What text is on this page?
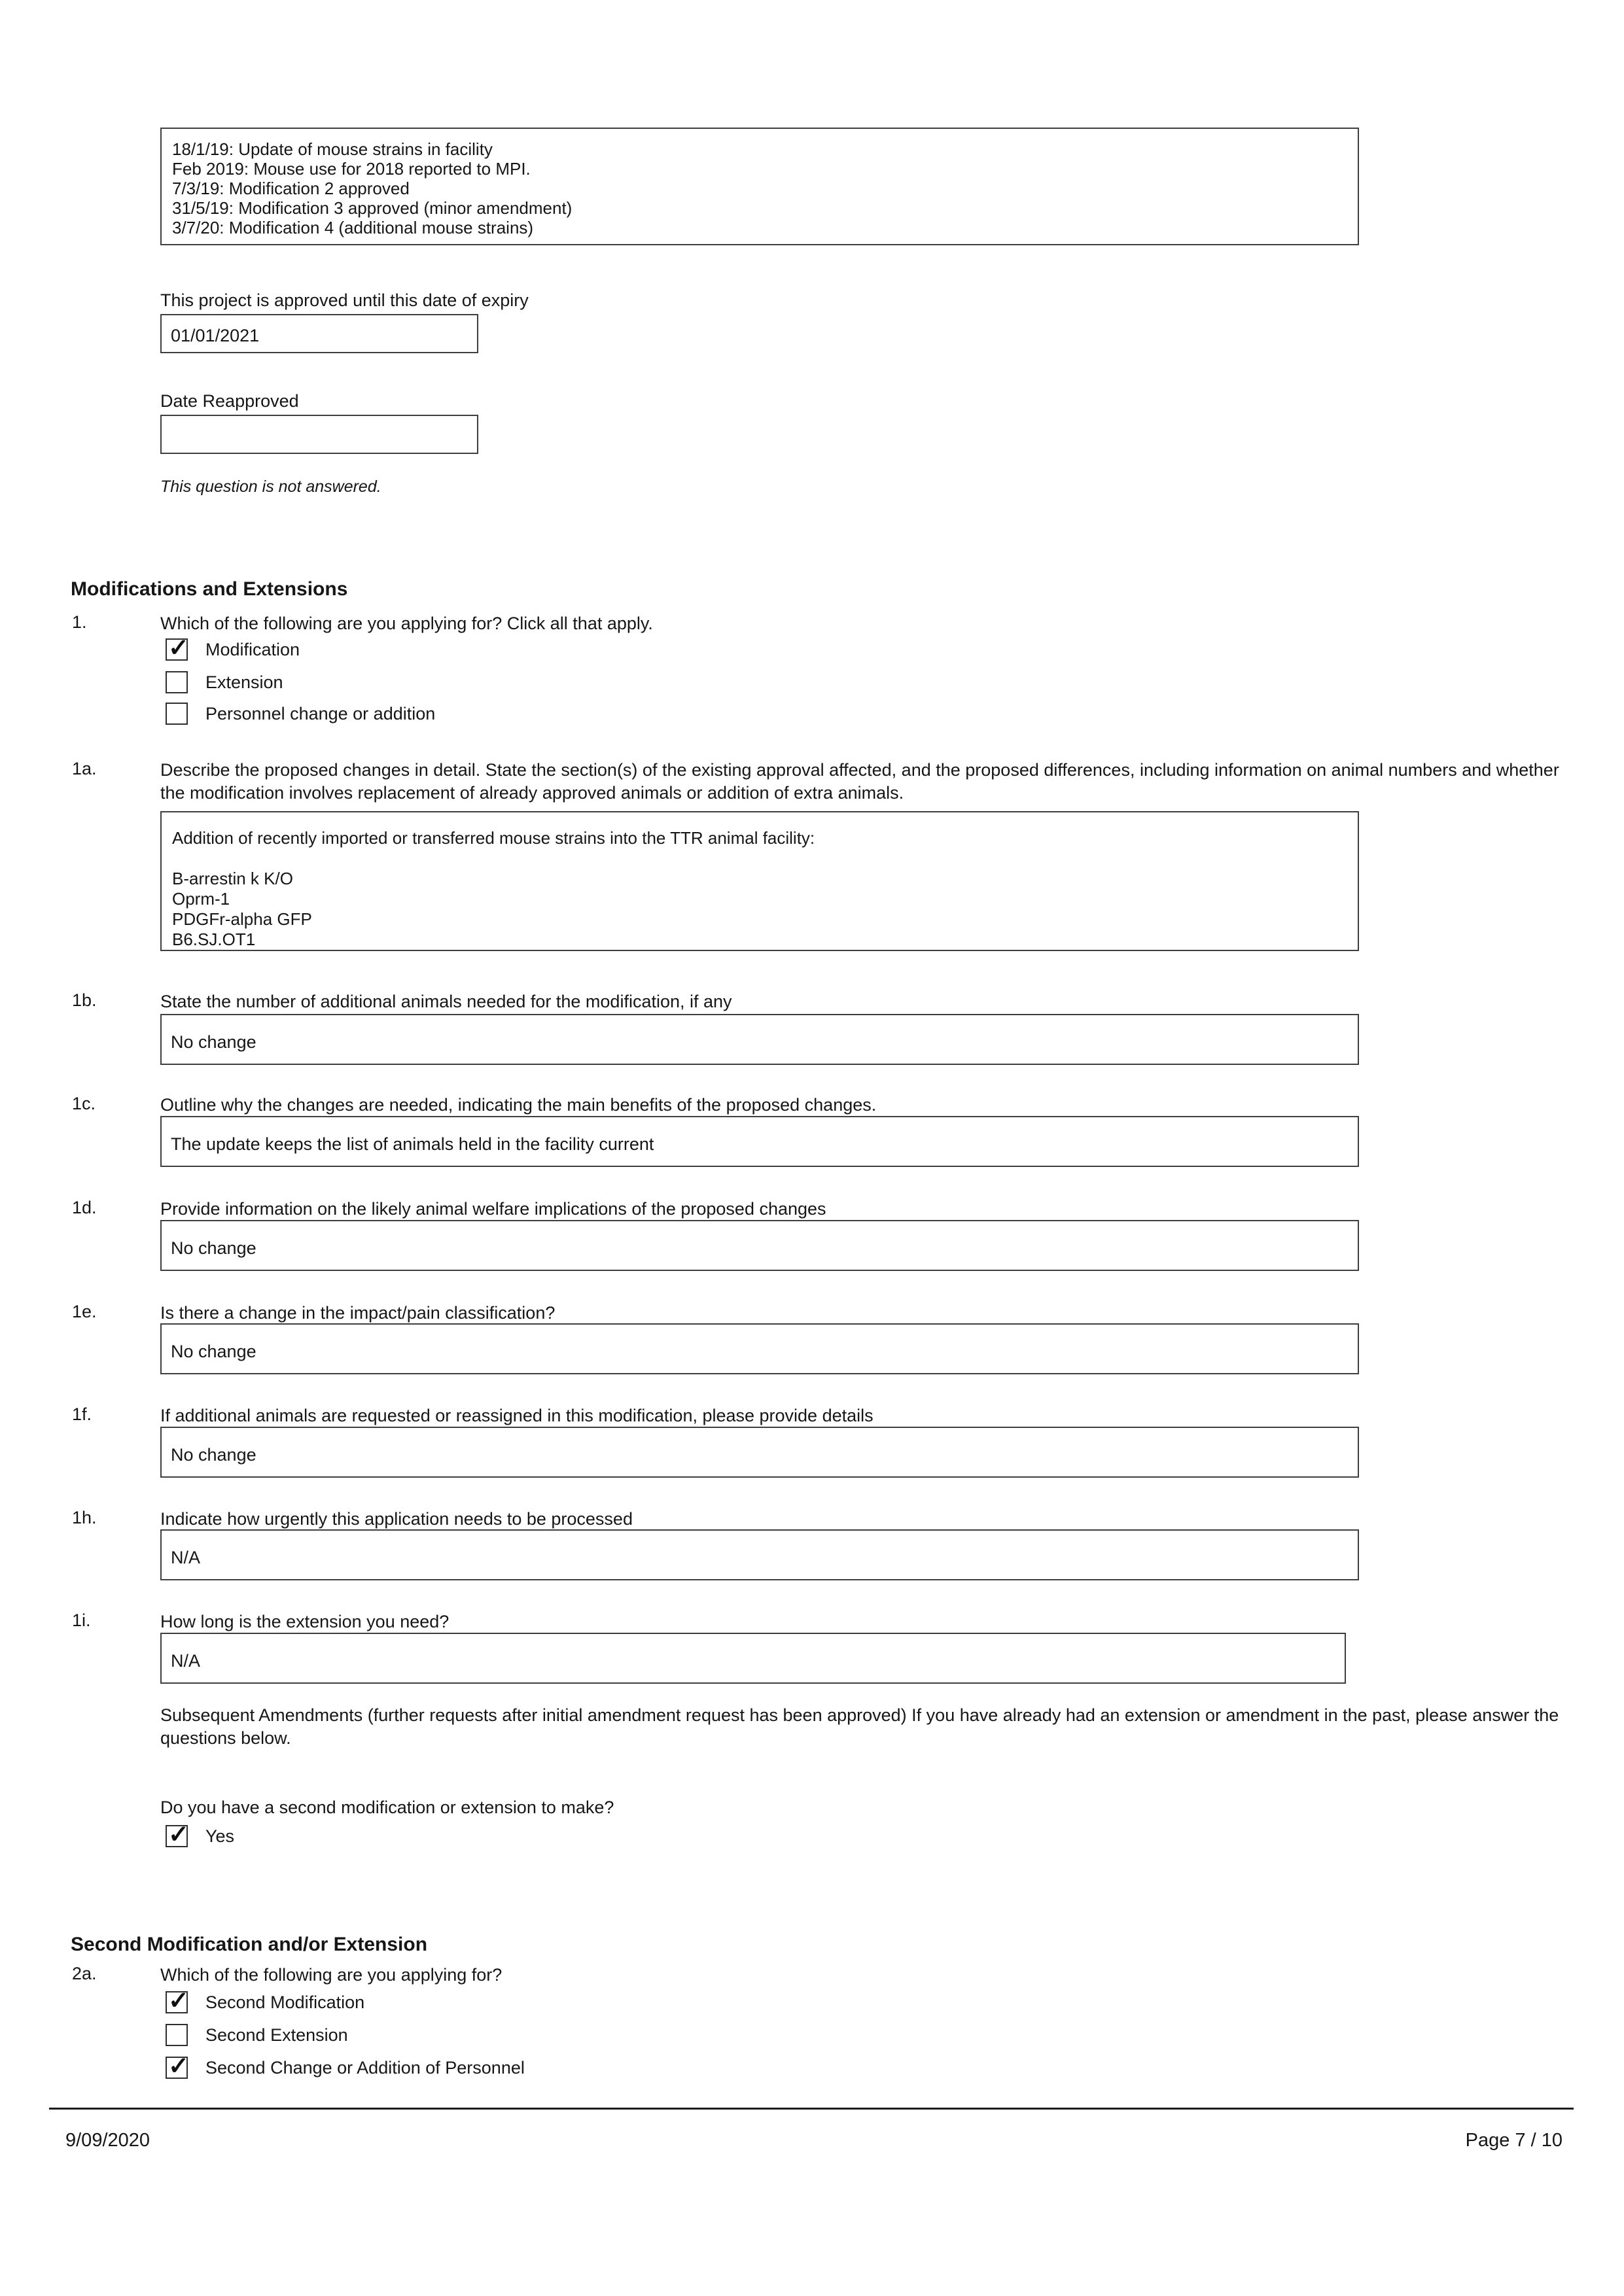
18/1/19: Update of mouse strains in facility
Feb 2019: Mouse use for 2018 reported to MPI.
7/3/19: Modification 2 approved
31/5/19: Modification 3 approved (minor amendment)
3/7/20: Modification 4 (additional mouse strains)
This project is approved until this date of expiry
01/01/2021
Date Reapproved
This question is not answered.
Modifications and Extensions
1.	Which of the following are you applying for? Click all that apply.
✓
Modification
Extension
Personnel change or addition
1a.	Describe the proposed changes in detail. State the section(s) of the existing approval affected, and the proposed differences, including information on animal numbers and whether the modification involves replacement of already approved animals or addition of extra animals.
Addition of recently imported or transferred mouse strains into the TTR animal facility:
B-arrestin k K/O
Oprm-1
PDGFr-alpha GFP
B6.SJ.OT1
1b.	State the number of additional animals needed for the modification, if any
No change
1c.	Outline why the changes are needed, indicating the main benefits of the proposed changes.
The update keeps the list of animals held in the facility current
1d.	Provide information on the likely animal welfare implications of the proposed changes
No change
1e.	Is there a change in the impact/pain classification?
No change
1f.	If additional animals are requested or reassigned in this modification, please provide details
No change
1h.	Indicate how urgently this application needs to be processed
N/A
1i.	How long is the extension you need?
N/A
Subsequent Amendments (further requests after initial amendment request has been approved) If you have already had an extension or amendment in the past, please answer the questions below.
Do you have a second modification or extension to make?
✓
Yes
Second Modification and/or Extension
2a.	Which of the following are you applying for?
✓
Second Modification
Second Extension
✓
Second Change or Addition of Personnel
9/09/2020	Page 7 / 10
